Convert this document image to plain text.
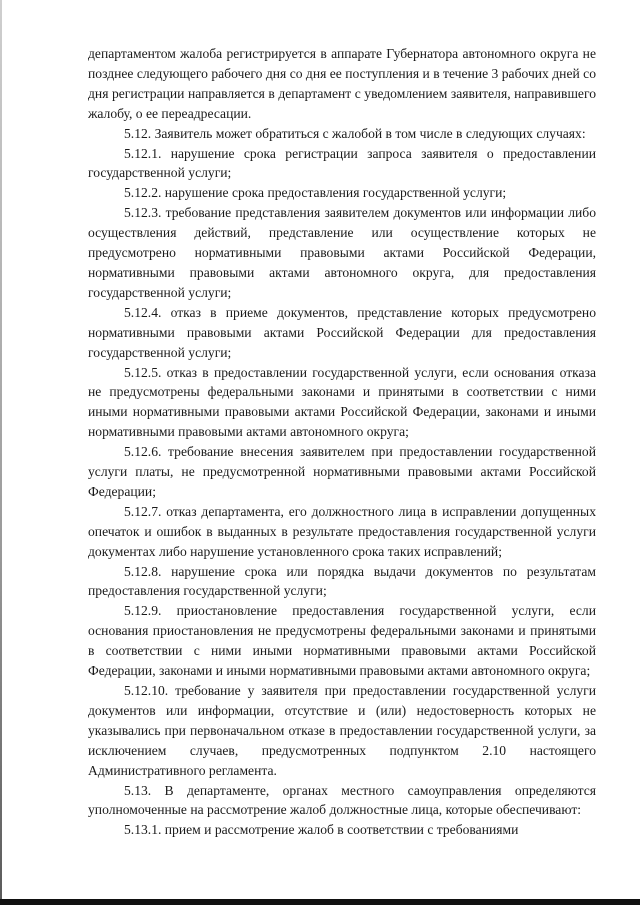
департаментом жалоба регистрируется в аппарате Губернатора автономного округа не позднее следующего рабочего дня со дня ее поступления и в течение 3 рабочих дней со дня регистрации направляется в департамент с уведомлением заявителя, направившего жалобу, о ее переадресации.

5.12. Заявитель может обратиться с жалобой в том числе в следующих случаях:

5.12.1. нарушение срока регистрации запроса заявителя о предоставлении государственной услуги;

5.12.2. нарушение срока предоставления государственной услуги;

5.12.3. требование представления заявителем документов или информации либо осуществления действий, представление или осуществление которых не предусмотрено нормативными правовыми актами Российской Федерации, нормативными правовыми актами автономного округа, для предоставления государственной услуги;

5.12.4. отказ в приеме документов, представление которых предусмотрено нормативными правовыми актами Российской Федерации для предоставления государственной услуги;

5.12.5. отказ в предоставлении государственной услуги, если основания отказа не предусмотрены федеральными законами и принятыми в соответствии с ними иными нормативными правовыми актами Российской Федерации, законами и иными нормативными правовыми актами автономного округа;

5.12.6. требование внесения заявителем при предоставлении государственной услуги платы, не предусмотренной нормативными правовыми актами Российской Федерации;

5.12.7. отказ департамента, его должностного лица в исправлении допущенных опечаток и ошибок в выданных в результате предоставления государственной услуги документах либо нарушение установленного срока таких исправлений;

5.12.8. нарушение срока или порядка выдачи документов по результатам предоставления государственной услуги;

5.12.9. приостановление предоставления государственной услуги, если основания приостановления не предусмотрены федеральными законами и принятыми в соответствии с ними иными нормативными правовыми актами Российской Федерации, законами и иными нормативными правовыми актами автономного округа;

5.12.10. требование у заявителя при предоставлении государственной услуги документов или информации, отсутствие и (или) недостоверность которых не указывались при первоначальном отказе в предоставлении государственной услуги, за исключением случаев, предусмотренных подпунктом 2.10 настоящего Административного регламента.

5.13. В департаменте, органах местного самоуправления определяются уполномоченные на рассмотрение жалоб должностные лица, которые обеспечивают:

5.13.1. прием и рассмотрение жалоб в соответствии с требованиями
